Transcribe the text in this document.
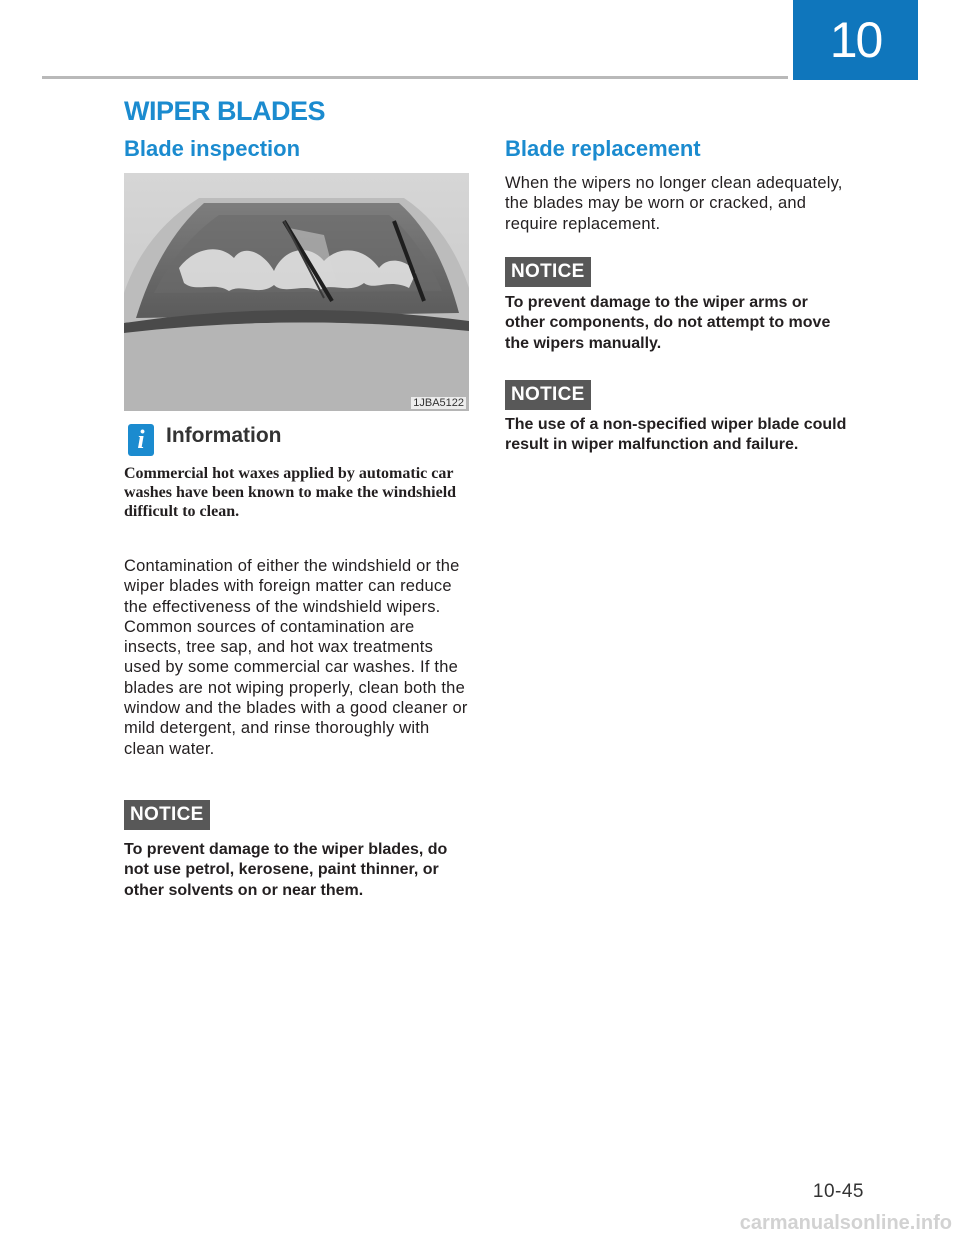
10
WIPER BLADES
Blade inspection
1JBA5122
i	Information

Commercial hot waxes applied by automatic car washes have been known to make the windshield difficult to clean.

Contamination of either the windshield or the wiper blades with foreign matter can reduce the effectiveness of the windshield wipers. Common sources of contamination are insects, tree sap, and hot wax treatments used by some commercial car washes. If the blades are not wiping properly, clean both the window and the blades with a good cleaner or mild detergent, and rinse thoroughly with clean water.

NOTICE

To prevent damage to the wiper blades, do not use petrol, kerosene, paint thinner, or other solvents on or near them.

Blade replacement

When the wipers no longer clean adequately, the blades may be worn or cracked, and require replacement.

NOTICE

To prevent damage to the wiper arms or other components, do not attempt to move the wipers manually.

NOTICE

The use of a non-specified wiper blade could result in wiper malfunction and failure.

10-45
carmanualsonline.info
